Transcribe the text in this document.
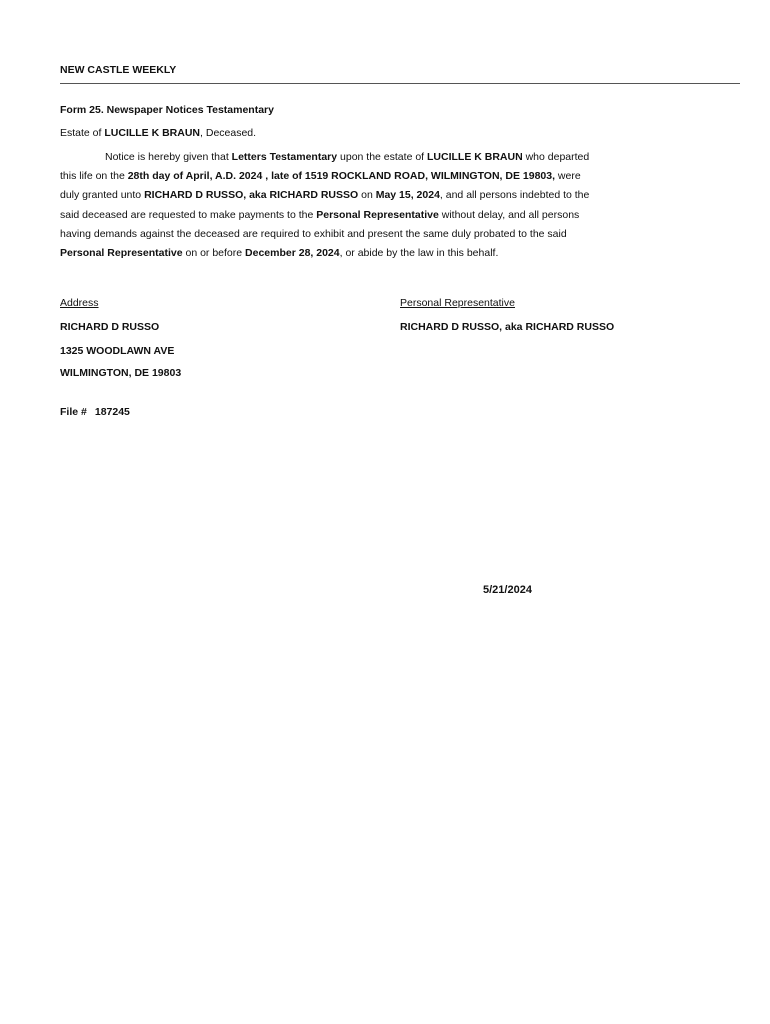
NEW CASTLE WEEKLY
Form 25. Newspaper Notices Testamentary
Estate of LUCILLE K BRAUN, Deceased.
Notice is hereby given that Letters Testamentary upon the estate of LUCILLE K BRAUN who departed
this life on the 28th day of April, A.D. 2024 , late of 1519 ROCKLAND ROAD, WILMINGTON, DE 19803, were
duly granted unto RICHARD D RUSSO, aka RICHARD RUSSO on May 15, 2024, and all persons indebted to the
said deceased are requested to make payments to the Personal Representative without delay, and all persons
having demands against the deceased are required to exhibit and present the same duly probated to the said
Personal Representative on or before December 28, 2024, or abide by the law in this behalf.
Address	Personal Representative
RICHARD D RUSSO	RICHARD D RUSSO, aka RICHARD RUSSO
1325 WOODLAWN AVE
WILMINGTON, DE 19803
File # 187245
5/21/2024
